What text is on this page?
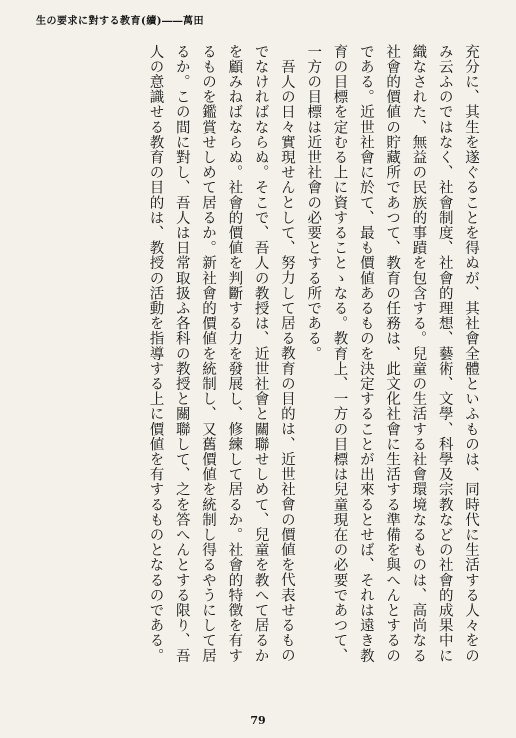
生の要求に對する教育(續)――萬田

充分に、其生を遂ぐることを得ぬが、其社會全體といふものは、同時代に生活する人々をのみ云ふのではなく、社會制度、社會的理想、藝術、文學、科學及宗教などの社會的成果中に織なされた、無益の民族的事蹟を包含する。兒童の生活する社會環境なるものは、高尚なる社會的價値の貯藏所であつて、教育の任務は、此文化社會に生活する準備を與へんとするのである。近世社會に於て、最も價値あるものを決定することが出來るとせば、それは遠き教育の目標を定むる上に資することゝなる。教育上、一方の目標は兒童現在の必要であつて、一方の目標は近世社會の必要とする所である。

吾人の日々實現せんとして、努力して居る教育の目的は、近世社會の價値を代表せるものでなければならぬ。そこで、吾人の教授は、近世社會と關聯せしめて、兒童を教へて居るかを顧みねばならぬ。社會的價値を判斷する力を發展し、修練して居るか。社會的特徴を有するものを鑑賞せしめて居るか。新社會的價値を統制し、又舊價値を統制し得るやうにして居るか。この間に對し、吾人は日常取扱ふ各科の教授と關聯して、之を答へんとする限り、吾人の意識せる教育の目的は、教授の活動を指導する上に價値を有するものとなるのである。

79
